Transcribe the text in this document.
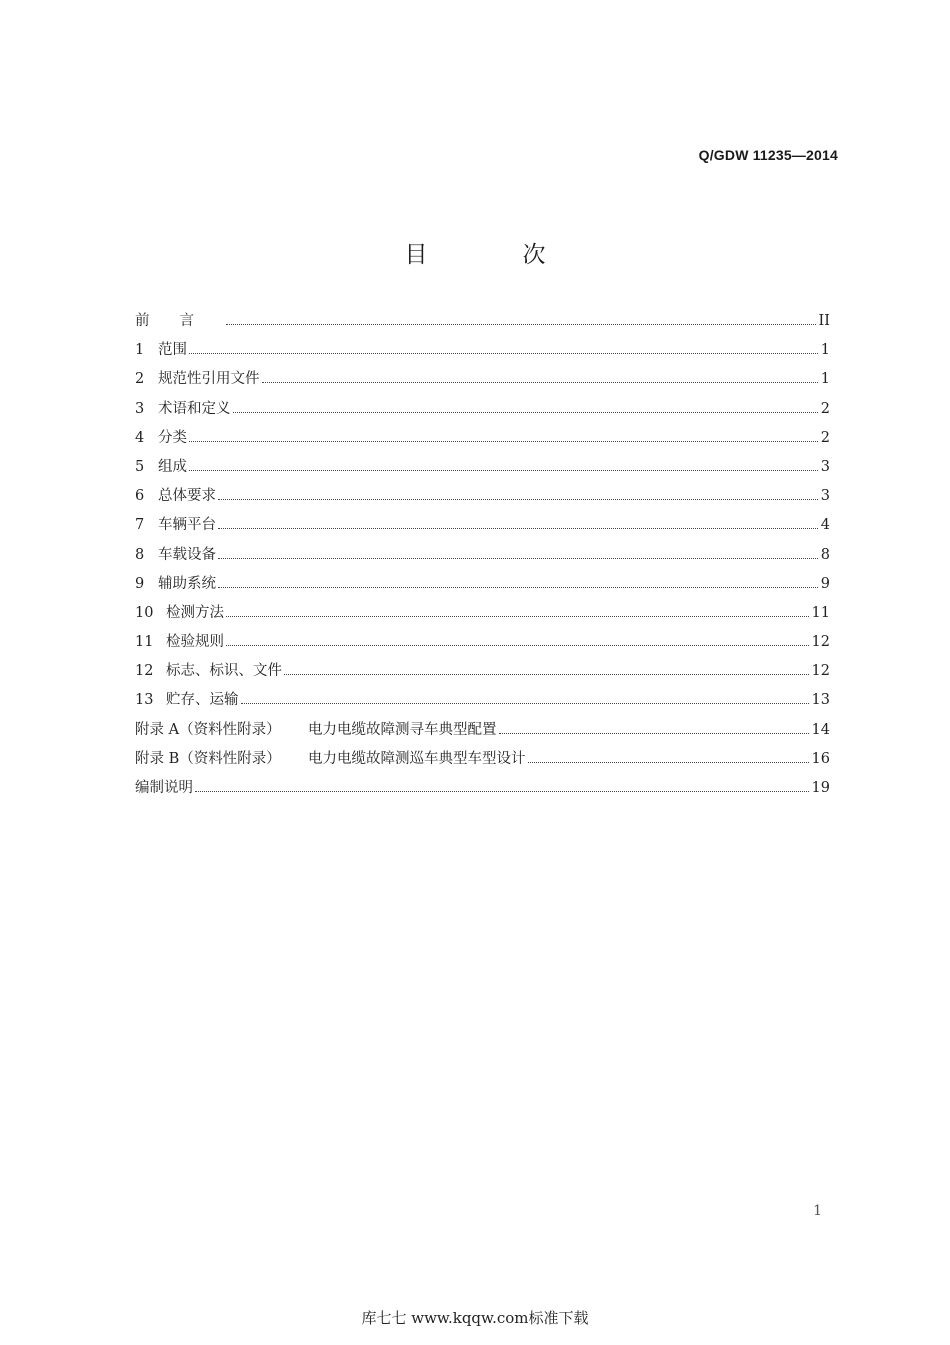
Q/GDW 11235—2014
目	次
前言	II
1 范围	1
2 规范性引用文件	1
3 术语和定义	2
4 分类	2
5 组成	3
6 总体要求	3
7 车辆平台	4
8 车载设备	8
9 辅助系统	9
10 检测方法	11
11 检验规则	12
12 标志、标识、文件	12
13 贮存、运输	13
附录 A（资料性附录）	电力电缆故障测寻车典型配置	14
附录 B（资料性附录）	电力电缆故障测巡车典型车型设计	16
编制说明	19
1
库七七 www.kqqw.com标准下载
